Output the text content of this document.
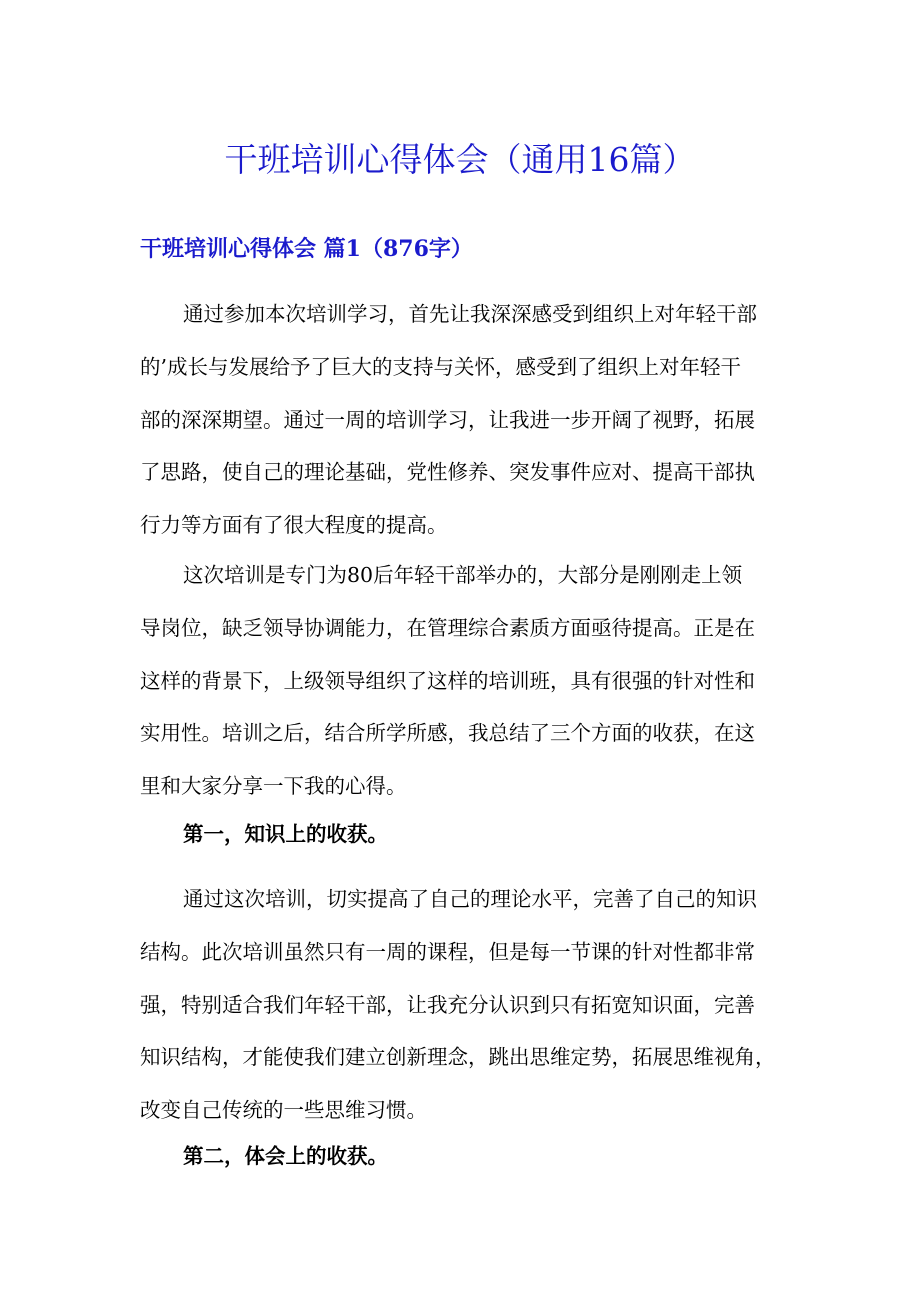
干班培训心得体会（通用16篇）
干班培训心得体会 篇1（876字）

通过参加本次培训学习，首先让我深深感受到组织上对年轻干部
的’成长与发展给予了巨大的支持与关怀，感受到了组织上对年轻干
部的深深期望。通过一周的培训学习，让我进一步开阔了视野，拓展
了思路，使自己的理论基础，党性修养、突发事件应对、提高干部执
行力等方面有了很大程度的提高。

这次培训是专门为80后年轻干部举办的，大部分是刚刚走上领
导岗位，缺乏领导协调能力，在管理综合素质方面亟待提高。正是在
这样的背景下，上级领导组织了这样的培训班，具有很强的针对性和
实用性。培训之后，结合所学所感，我总结了三个方面的收获，在这
里和大家分享一下我的心得。

第一，知识上的收获。

通过这次培训，切实提高了自己的理论水平，完善了自己的知识
结构。此次培训虽然只有一周的课程，但是每一节课的针对性都非常
强，特别适合我们年轻干部，让我充分认识到只有拓宽知识面，完善
知识结构，才能使我们建立创新理念，跳出思维定势，拓展思维视角，
改变自己传统的一些思维习惯。

第二，体会上的收获。
